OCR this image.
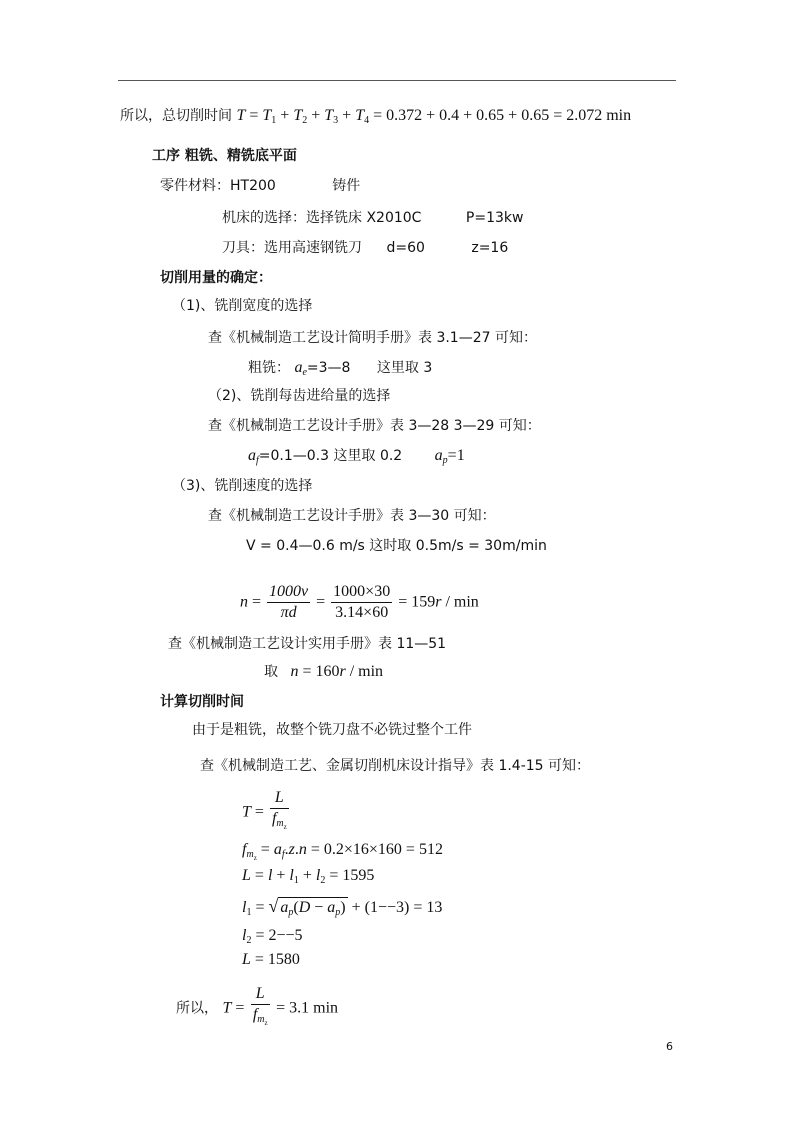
所以，总切削时间 $T = T_1 + T_2 + T_3 + T_4 = 0.372 + 0.4 + 0.65 + 0.65 = 2.072$ min
工序 粗铣、精铣底平面
零件材料：HT200	铸件
机床的选择：选择铣床 X2010C	P=13kw
刀具：选用高速钢铣刀 d=60	z=16
切削用量的确定：
（1)、铣削宽度的选择
查《机械制造工艺设计简明手册》表 3.1—27 可知：
粗铣： $a_e=3—8$ 这里取 3
（2)、铣削每齿进给量的选择
查《机械制造工艺设计手册》表 3—28 3—29 可知：
$a_f=0.1—0.3$ 这里取 0.2 $a_p=1$
（3)、铣削速度的选择
查《机械制造工艺设计手册》表 3—30 可知：
V = 0.4—0.6 m/s 这时取 0.5m/s = 30m/min
$n = \frac{1000v}{\pi d} = \frac{1000\times 30}{3.14\times 60} = 159r / \min$
查《机械制造工艺设计实用手册》表 11—51
取 n = 160r / min
计算切削时间
由于是粗铣，故整个铣刀盘不必铣过整个工件
查《机械制造工艺、金属切削机床设计指导》表 1.4-15 可知：
$T = \frac{L}{f_{m_z}}$
$f_{m_z} = a_f.z.n = 0.2\times 16\times 160 = 512$
$L = l + l_1 + l_2 = 1595$
$l_1$ = √ $a_p(D - a_p) + (1--3) = 13$
$l_2 = 2--5$
L = 1580
所以， $T = \frac{L}{f_{m_z}} = 3.1$ min
6
